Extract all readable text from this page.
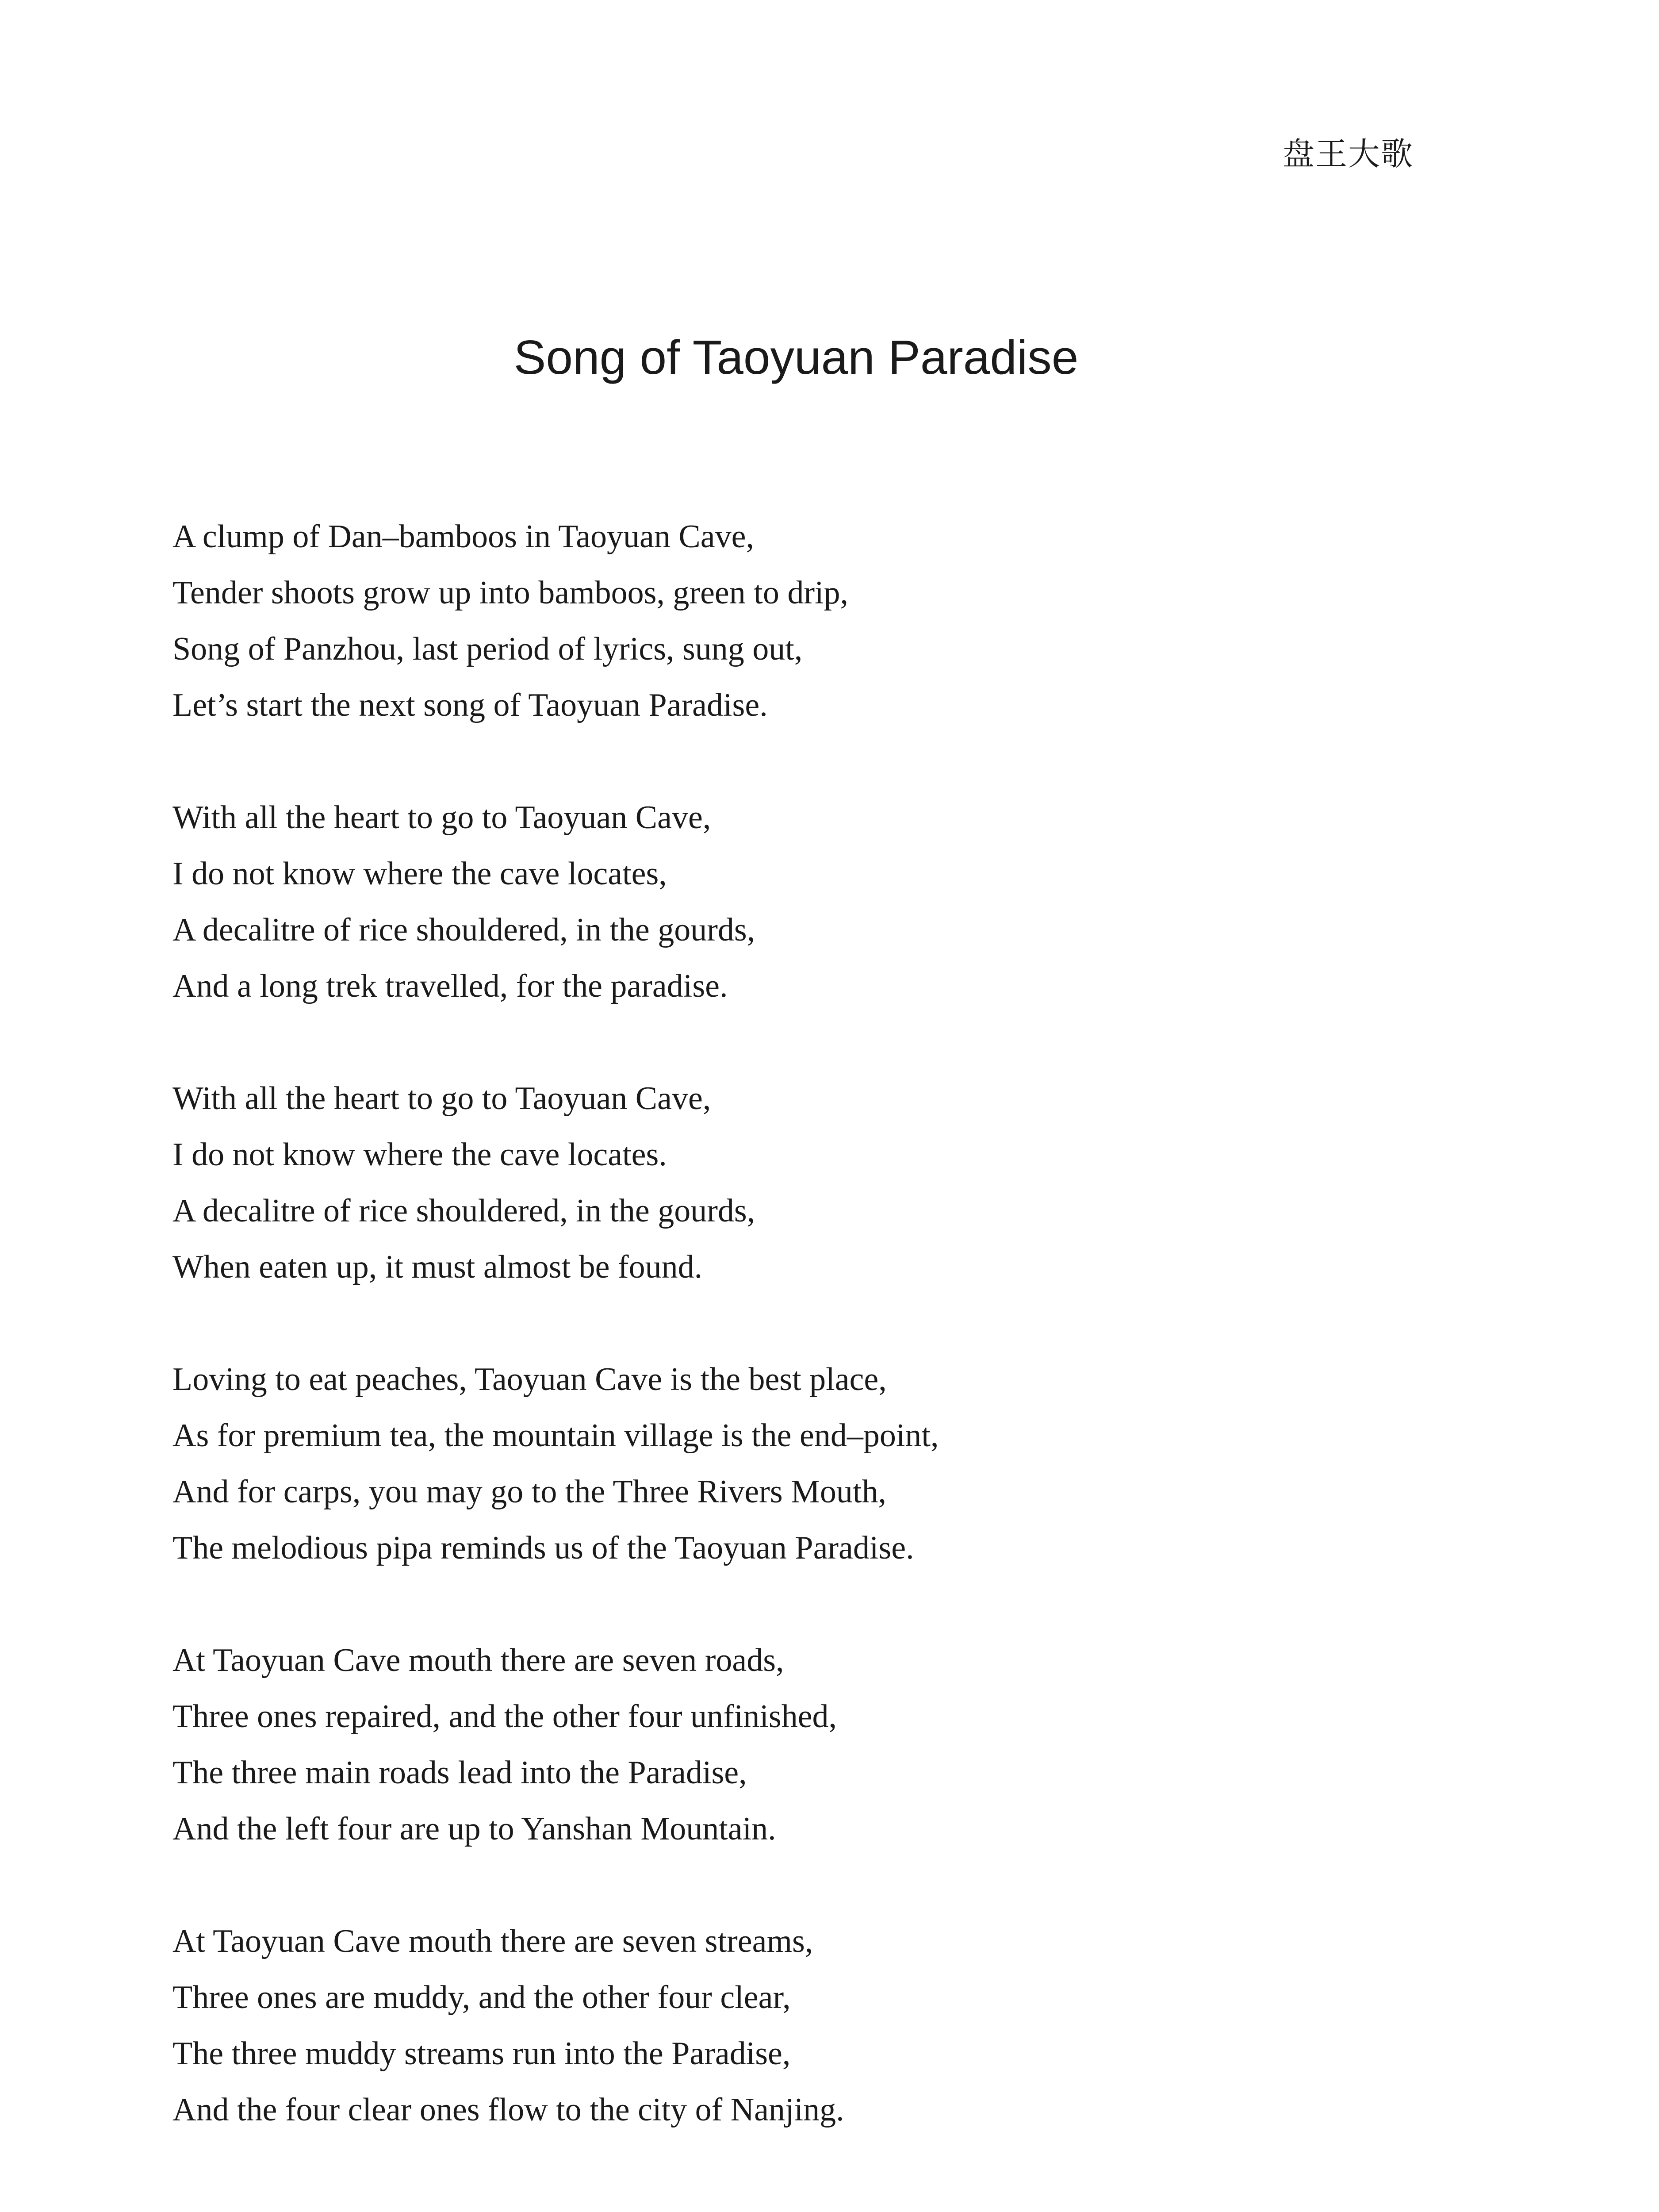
盘王大歌
Song of Taoyuan Paradise

A clump of Dan–bamboos in Taoyuan Cave,
Tender shoots grow up into bamboos, green to drip,
Song of Panzhou, last period of lyrics, sung out,
Let’s start the next song of Taoyuan Paradise.

With all the heart to go to Taoyuan Cave,
I do not know where the cave locates,
A decalitre of rice shouldered, in the gourds,
And a long trek travelled, for the paradise.

With all the heart to go to Taoyuan Cave,
I do not know where the cave locates.
A decalitre of rice shouldered, in the gourds,
When eaten up, it must almost be found.

Loving to eat peaches, Taoyuan Cave is the best place,
As for premium tea, the mountain village is the end–point,
And for carps, you may go to the Three Rivers Mouth,
The melodious pipa reminds us of the Taoyuan Paradise.

At Taoyuan Cave mouth there are seven roads,
Three ones repaired, and the other four unfinished,
The three main roads lead into the Paradise,
And the left four are up to Yanshan Mountain.

At Taoyuan Cave mouth there are seven streams,
Three ones are muddy, and the other four clear,
The three muddy streams run into the Paradise,
And the four clear ones flow to the city of Nanjing.
